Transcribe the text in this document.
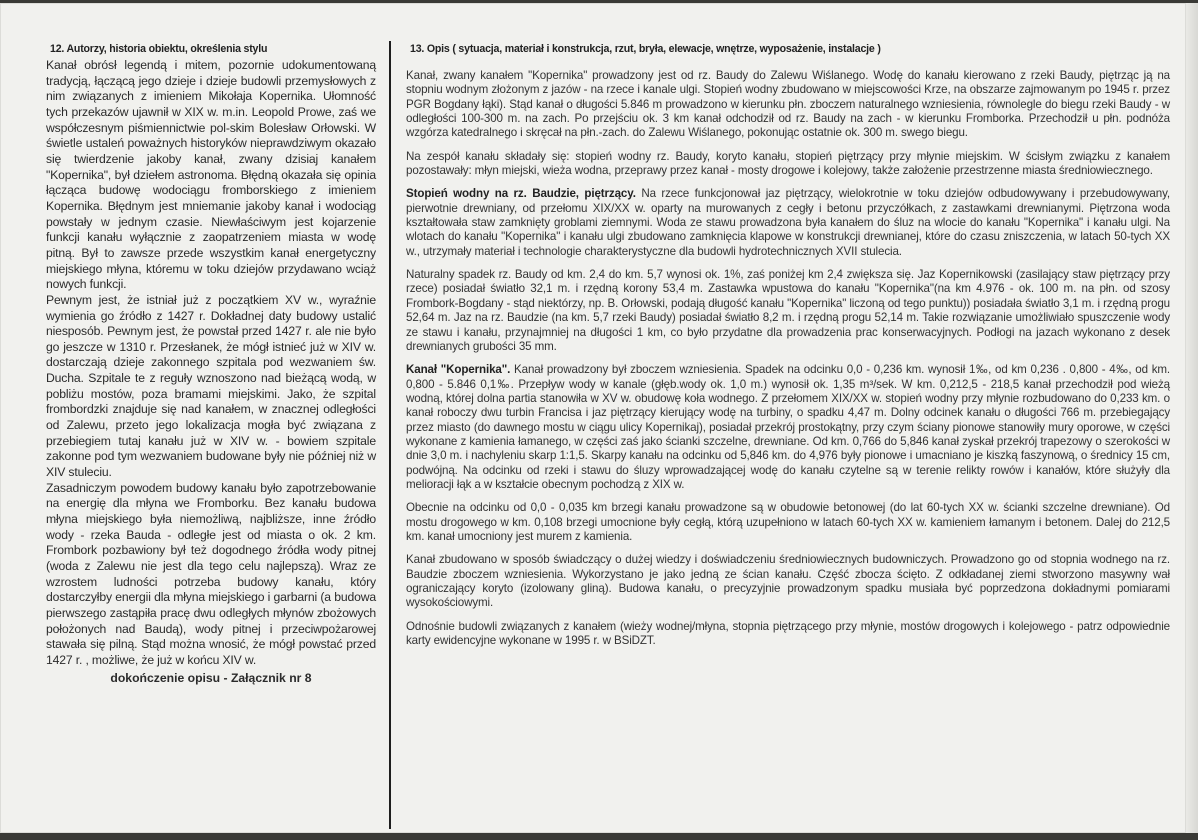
12. Autorzy, historia obiektu, określenia stylu

Kanał obrósł legendą i mitem, pozornie udokumentowaną tradycją, łączącą jego dzieje i dzieje budowli przemysłowych z nim związanych z imieniem Mikołaja Kopernika. Ułomność tych przekazów ujawnił w XIX w. m.in. Leopold Prowe, zaś we współczesnym piśmiennictwie pol-skim Bolesław Orłowski. W świetle ustaleń poważnych historyków nieprawdziwym okazało się twierdzenie jakoby kanał, zwany dzisiaj kanałem "Kopernika", był dziełem astronoma. Błędną okazała się opinia łącząca budowę wodociągu fromborskiego z imieniem Kopernika. Błędnym jest mniemanie jakoby kanał i wodociąg powstały w jednym czasie. Niewłaściwym jest kojarzenie funkcji kanału wyłącznie z zaopatrzeniem miasta w wodę pitną. Był to zawsze przede wszystkim kanał energetyczny miejskiego młyna, któremu w toku dziejów przydawano wciąż nowych funkcji.

Pewnym jest, że istniał już z początkiem XV w., wyraźnie wymienia go źródło z 1427 r. Dokładnej daty budowy ustalić niesposób. Pewnym jest, że powstał przed 1427 r. ale nie było go jeszcze w 1310 r. Przesłanek, że mógł istnieć już w XIV w. dostarczają dzieje zakonnego szpitala pod wezwaniem św. Ducha. Szpitale te z reguły wznoszono nad bieżącą wodą, w pobliżu mostów, poza bramami miejskimi. Jako, że szpital frombordzki znajduje się nad kanałem, w znacznej odległości od Zalewu, przeto jego lokalizacja mogła być związana z przebiegiem tutaj kanału już w XIV w. - bowiem szpitale zakonne pod tym wezwaniem budowane były nie później niż w XIV stuleciu.

Zasadniczym powodem budowy kanału było zapotrzebowanie na energię dla młyna we Fromborku. Bez kanału budowa młyna miejskiego była niemożliwą, najbliższe, inne źródło wody - rzeka Bauda - odległe jest od miasta o ok. 2 km. Frombork pozbawiony był też dogodnego źródła wody pitnej (woda z Zalewu nie jest dla tego celu najlepszą). Wraz ze wzrostem ludności potrzeba budowy kanału, który dostarczyłby energii dla młyna miejskiego i garbarni (a budowa pierwszego zastąpiła pracę dwu odległych młynów zbożowych położonych nad Baudą), wody pitnej i przeciwpożarowej stawała się pilną. Stąd można wnosić, że mógł powstać przed 1427 r. , możliwe, że już w końcu XIV w.

dokończenie opisu - Załącznik nr 8
13. Opis ( sytuacja, materiał i konstrukcja, rzut, bryła, elewacje, wnętrze, wyposażenie, instalacje )

Kanał, zwany kanałem "Kopernika" prowadzony jest od rz. Baudy do Zalewu Wiślanego. Wodę do kanału kierowano z rzeki Baudy, piętrząc ją na stopniu wodnym złożonym z jazów - na rzece i kanale ulgi. Stopień wodny zbudowano w miejscowości Krze, na obszarze zajmowanym po 1945 r. przez PGR Bogdany łąki). Stąd kanał o długości 5.846 m prowadzono w kierunku płn. zboczem naturalnego wzniesienia, równolegle do biegu rzeki Baudy - w odległości 100-300 m. na zach. Po przejściu ok. 3 km kanał odchodził od rz. Baudy na zach - w kierunku Fromborka. Przechodził u płn. podnóża wzgórza katedralnego i skręcał na płn.-zach. do Zalewu Wiślanego, pokonując ostatnie ok. 300 m. swego biegu.

Na zespół kanału składały się: stopień wodny rz. Baudy, koryto kanału, stopień piętrzący przy młynie miejskim. W ścisłym związku z kanałem pozostawały: młyn miejski, wieża wodna, przeprawy przez kanał - mosty drogowe i kolejowy, także założenie przestrzenne miasta średniowiecznego.

Stopień wodny na rz. Baudzie, piętrzący. Na rzece funkcjonował jaz piętrzący, wielokrotnie w toku dziejów odbudowywany i przebudowywany, pierwotnie drewniany, od przełomu XIX/XX w. oparty na murowanych z cegły i betonu przyczółkach, z zastawkami drewnianymi. Piętrzona woda kształtowała staw zamknięty groblami ziemnymi. Woda ze stawu prowadzona była kanałem do śluz na wlocie do kanału "Kopernika" i kanału ulgi. Na wlotach do kanału "Kopernika" i kanału ulgi zbudowano zamknięcia klapowe w konstrukcji drewnianej, które do czasu zniszczenia, w latach 50-tych XX w., utrzymały materiał i technologie charakterystyczne dla budowli hydrotechnicznych XVII stulecia.

Naturalny spadek rz. Baudy od km. 2,4 do km. 5,7 wynosi ok. 1%, zaś poniżej km 2,4 zwiększa się. Jaz Kopernikowski (zasilający staw piętrzący przy rzece) posiadał światło 32,1 m. i rzędną korony 53,4 m. Zastawka wpustowa do kanału "Kopernika"(na km 4.976 - ok. 100 m. na płn. od szosy Frombork-Bogdany - stąd niektórzy, np. B. Orłowski, podają długość kanału "Kopernika" liczoną od tego punktu)) posiadała światło 3,1 m. i rzędną progu 52,64 m. Jaz na rz. Baudzie (na km. 5,7 rzeki Baudy) posiadał światło 8,2 m. i rzędną progu 52,14 m. Takie rozwiązanie umożliwiało spuszczenie wody ze stawu i kanału, przynajmniej na długości 1 km, co było przydatne dla prowadzenia prac konserwacyjnych. Podłogi na jazach wykonano z desek drewnianych grubości 35 mm.

Kanał "Kopernika". Kanał prowadzony był zboczem wzniesienia. Spadek na odcinku 0,0 - 0,236 km. wynosił 1‰, od km 0,236 . 0,800 - 4‰, od km. 0,800 - 5.846 0,1‰. Przepływ wody w kanale (głęb.wody ok. 1,0 m.) wynosił ok. 1,35 m³/sek. W km. 0,212,5 - 218,5 kanał przechodził pod wieżą wodną, której dolna partia stanowiła w XV w. obudowę koła wodnego. Z przełomem XIX/XX w. stopień wodny przy młynie rozbudowano do 0,233 km. o kanał roboczy dwu turbin Francisa i jaz piętrzący kierujący wodę na turbiny, o spadku 4,47 m. Dolny odcinek kanału o długości 766 m. przebiegający przez miasto (do dawnego mostu w ciągu ulicy Kopernikaj), posiadał przekrój prostokątny, przy czym ściany pionowe stanowiły mury oporowe, w części wykonane z kamienia łamanego, w części zaś jako ścianki szczelne, drewniane. Od km. 0,766 do 5,846 kanał zyskał przekrój trapezowy o szerokości w dnie 3,0 m. i nachyleniu skarp 1:1,5. Skarpy kanału na odcinku od 5,846 km. do 4,976 były pionowe i umacniano je kiszką faszynową, o średnicy 15 cm, podwójną. Na odcinku od rzeki i stawu do śluzy wprowadzającej wodę do kanału czytelne są w terenie relikty rowów i kanałów, które służyły dla melioracji łąk a w kształcie obecnym pochodzą z XIX w.

Obecnie na odcinku od 0,0 - 0,035 km brzegi kanału prowadzone są w obudowie betonowej (do lat 60-tych XX w. ścianki szczelne drewniane). Od mostu drogowego w km. 0,108 brzegi umocnione były cegłą, którą uzupełniono w latach 60-tych XX w. kamieniem łamanym i betonem. Dalej do 212,5 km. kanał umocniony jest murem z kamienia.

Kanał zbudowano w sposób świadczący o dużej wiedzy i doświadczeniu średniowiecznych budowniczych. Prowadzono go od stopnia wodnego na rz. Baudzie zboczem wzniesienia. Wykorzystano je jako jedną ze ścian kanału. Część zbocza ścięto. Z odkładanej ziemi stworzono masywny wał ograniczający koryto (izolowany gliną). Budowa kanału, o precyzyjnie prowadzonym spadku musiała być poprzedzona dokładnymi pomiarami wysokościowymi.

Odnośnie budowli związanych z kanałem (wieży wodnej/młyna, stopnia piętrzącego przy młynie, mostów drogowych i kolejowego - patrz odpowiednie karty ewidencyjne wykonane w 1995 r. w BSiDZT.
